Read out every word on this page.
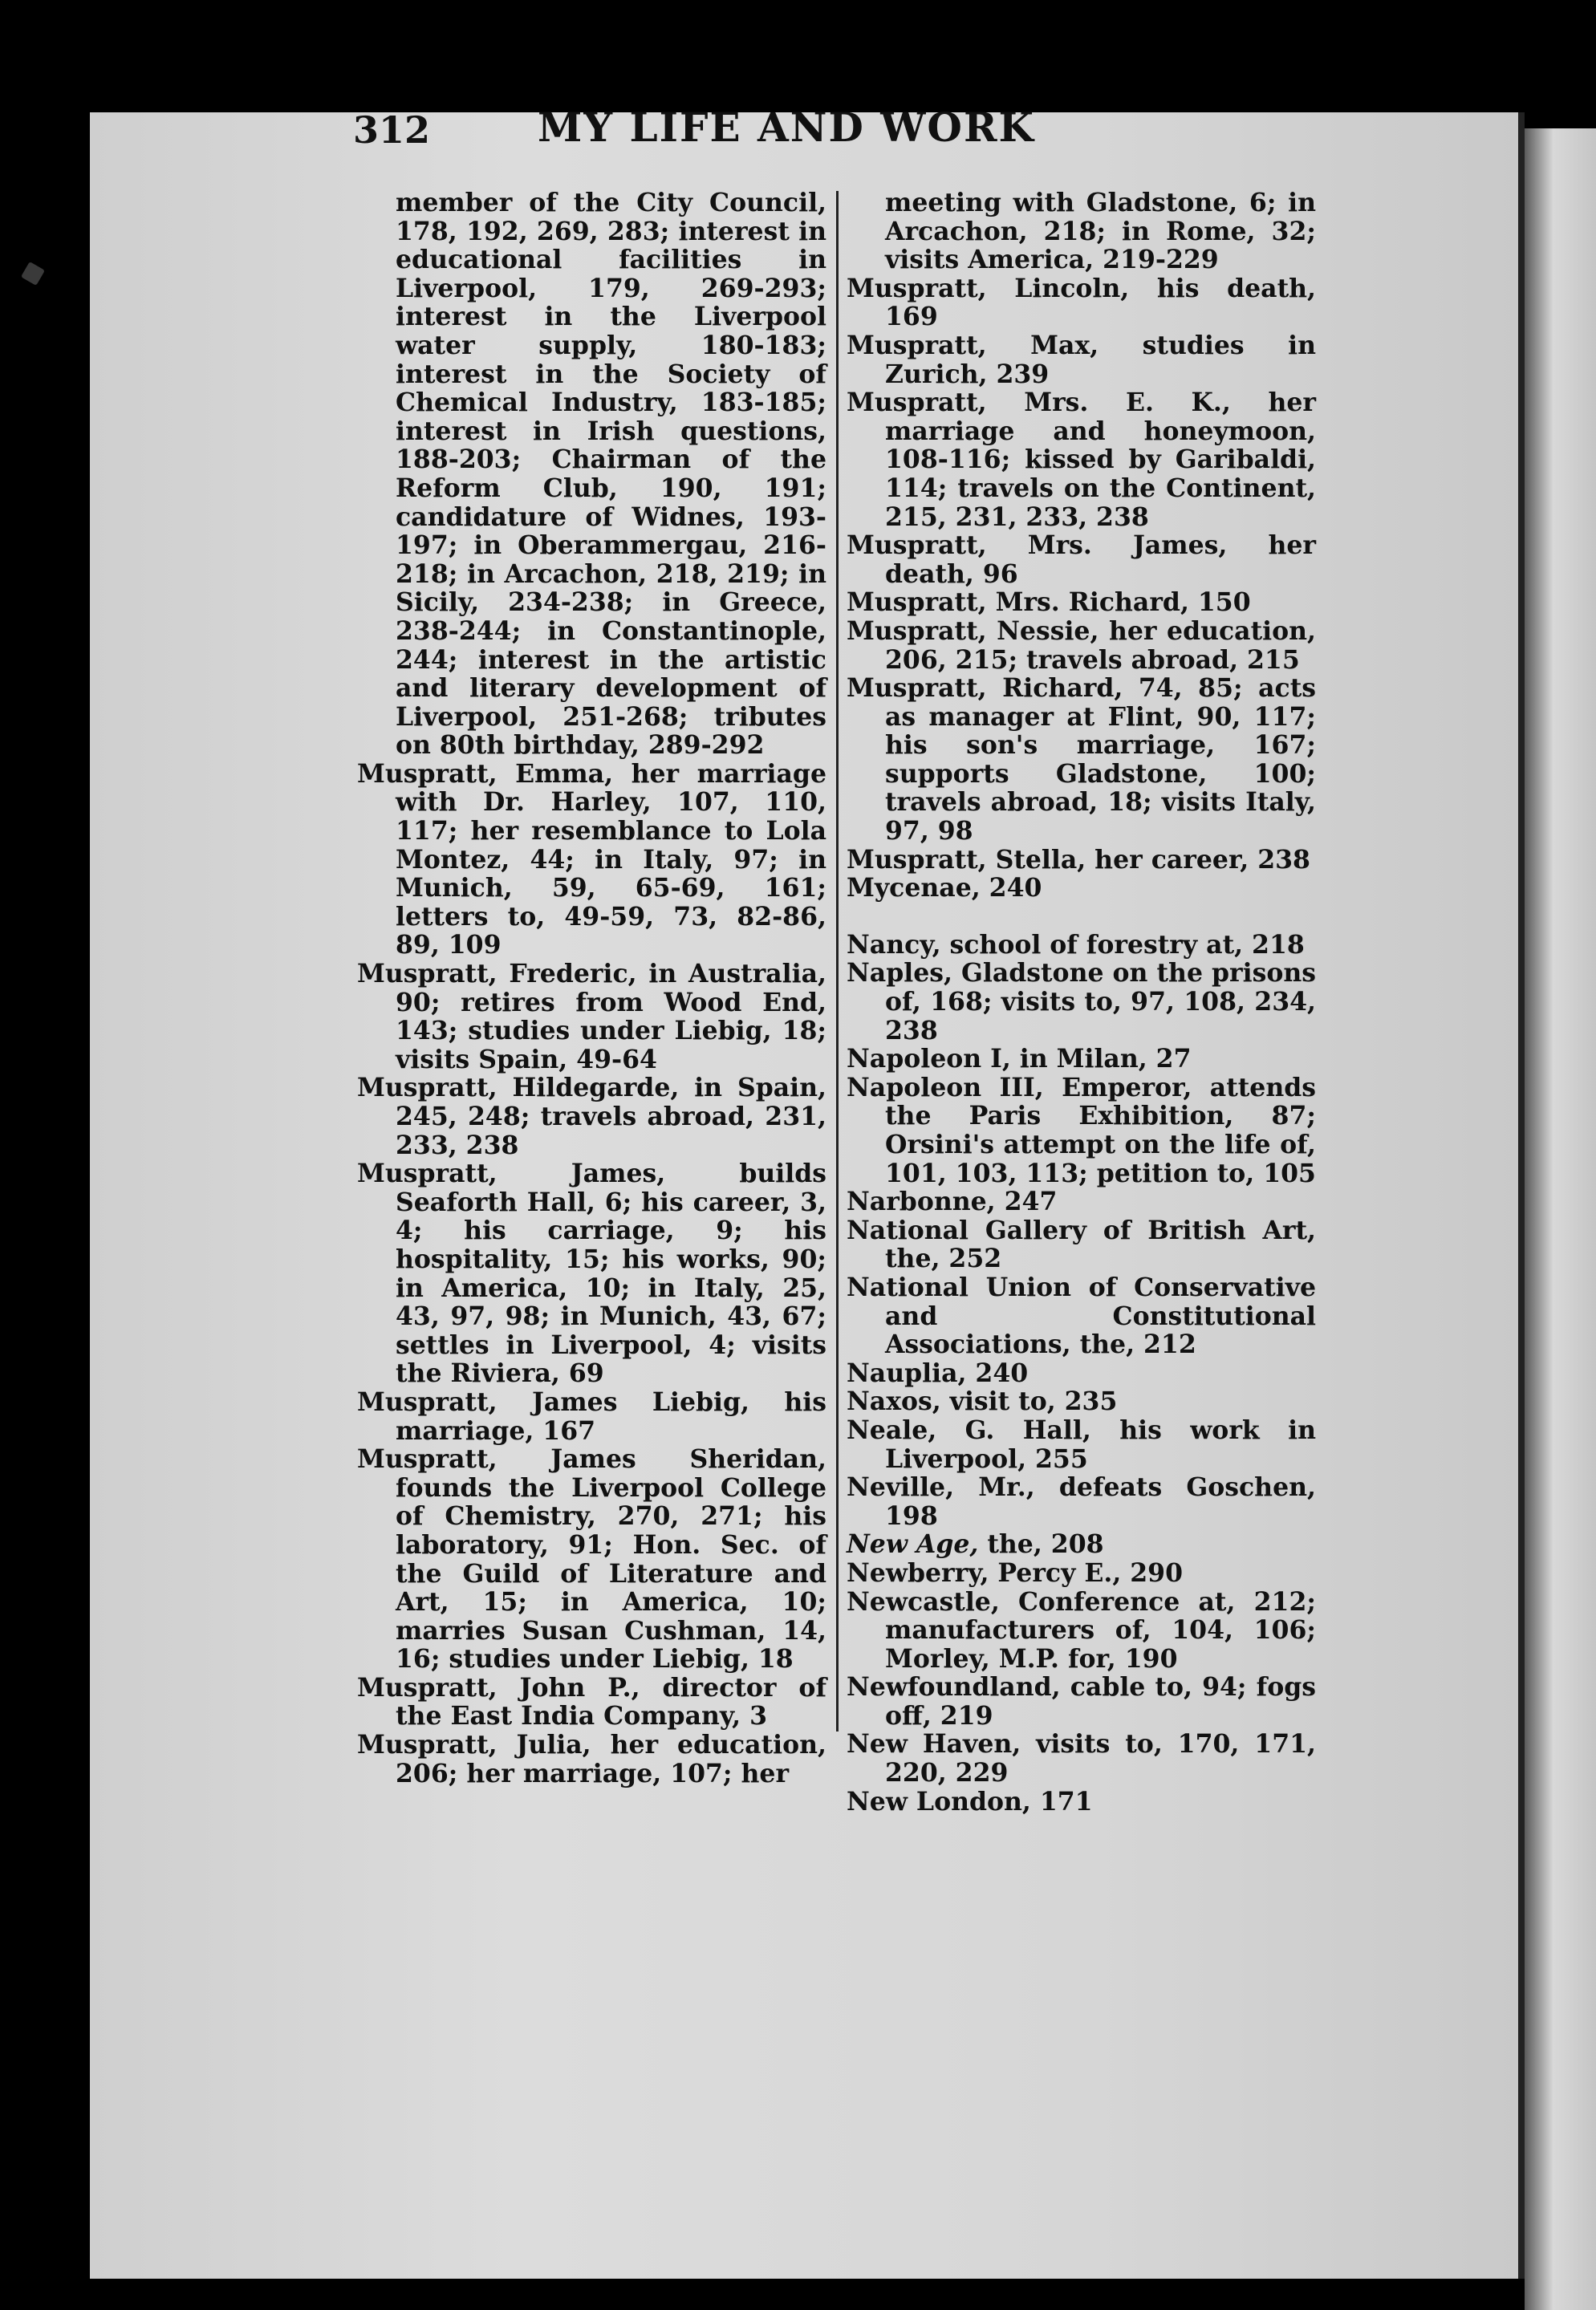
312	MY LIFE AND WORK

member of the City Council, 178, 192, 269, 283; interest in educational facilities in Liverpool, 179, 269-293; interest in the Liverpool water supply, 180-183; interest in the Society of Chemical Industry, 183-185; interest in Irish questions, 188-203; Chairman of the Reform Club, 190, 191; candidature of Widnes, 193-197; in Oberammergau, 216-218; in Arcachon, 218, 219; in Sicily, 234-238; in Greece, 238-244; in Constantinople, 244; interest in the artistic and literary development of Liverpool, 251-268; tributes on 80th birthday, 289-292

Muspratt, Emma, her marriage with Dr. Harley, 107, 110, 117; her resemblance to Lola Montez, 44; in Italy, 97; in Munich, 59, 65-69, 161; letters to, 49-59, 73, 82-86, 89, 109

Muspratt, Frederic, in Australia, 90; retires from Wood End, 143; studies under Liebig, 18; visits Spain, 49-64

Muspratt, Hildegarde, in Spain, 245, 248; travels abroad, 231, 233, 238

Muspratt, James, builds Seaforth Hall, 6; his career, 3, 4; his carriage, 9; his hospitality, 15; his works, 90; in America, 10; in Italy, 25, 43, 97, 98; in Munich, 43, 67; settles in Liverpool, 4; visits the Riviera, 69

Muspratt, James Liebig, his marriage, 167

Muspratt, James Sheridan, founds the Liverpool College of Chemistry, 270, 271; his laboratory, 91; Hon. Sec. of the Guild of Literature and Art, 15; in America, 10; marries Susan Cushman, 14, 16; studies under Liebig, 18

Muspratt, John P., director of the East India Company, 3

Muspratt, Julia, her education, 206; her marriage, 107; her

meeting with Gladstone, 6; in Arcachon, 218; in Rome, 32; visits America, 219-229

Muspratt, Lincoln, his death, 169

Muspratt, Max, studies in Zurich, 239

Muspratt, Mrs. E. K., her marriage and honeymoon, 108-116; kissed by Garibaldi, 114; travels on the Continent, 215, 231, 233, 238

Muspratt, Mrs. James, her death, 96

Muspratt, Mrs. Richard, 150

Muspratt, Nessie, her education, 206, 215; travels abroad, 215

Muspratt, Richard, 74, 85; acts as manager at Flint, 90, 117; his son's marriage, 167; supports Gladstone, 100; travels abroad, 18; visits Italy, 97, 98

Muspratt, Stella, her career, 238

Mycenae, 240

Nancy, school of forestry at, 218

Naples, Gladstone on the prisons of, 168; visits to, 97, 108, 234, 238

Napoleon I, in Milan, 27

Napoleon III, Emperor, attends the Paris Exhibition, 87; Orsini's attempt on the life of, 101, 103, 113; petition to, 105

Narbonne, 247

National Gallery of British Art, the, 252

National Union of Conservative and Constitutional Associations, the, 212

Nauplia, 240

Naxos, visit to, 235

Neale, G. Hall, his work in Liverpool, 255

Neville, Mr., defeats Goschen, 198

New Age, the, 208

Newberry, Percy E., 290

Newcastle, Conference at, 212; manufacturers of, 104, 106; Morley, M.P. for, 190

Newfoundland, cable to, 94; fogs off, 219

New Haven, visits to, 170, 171, 220, 229

New London, 171
